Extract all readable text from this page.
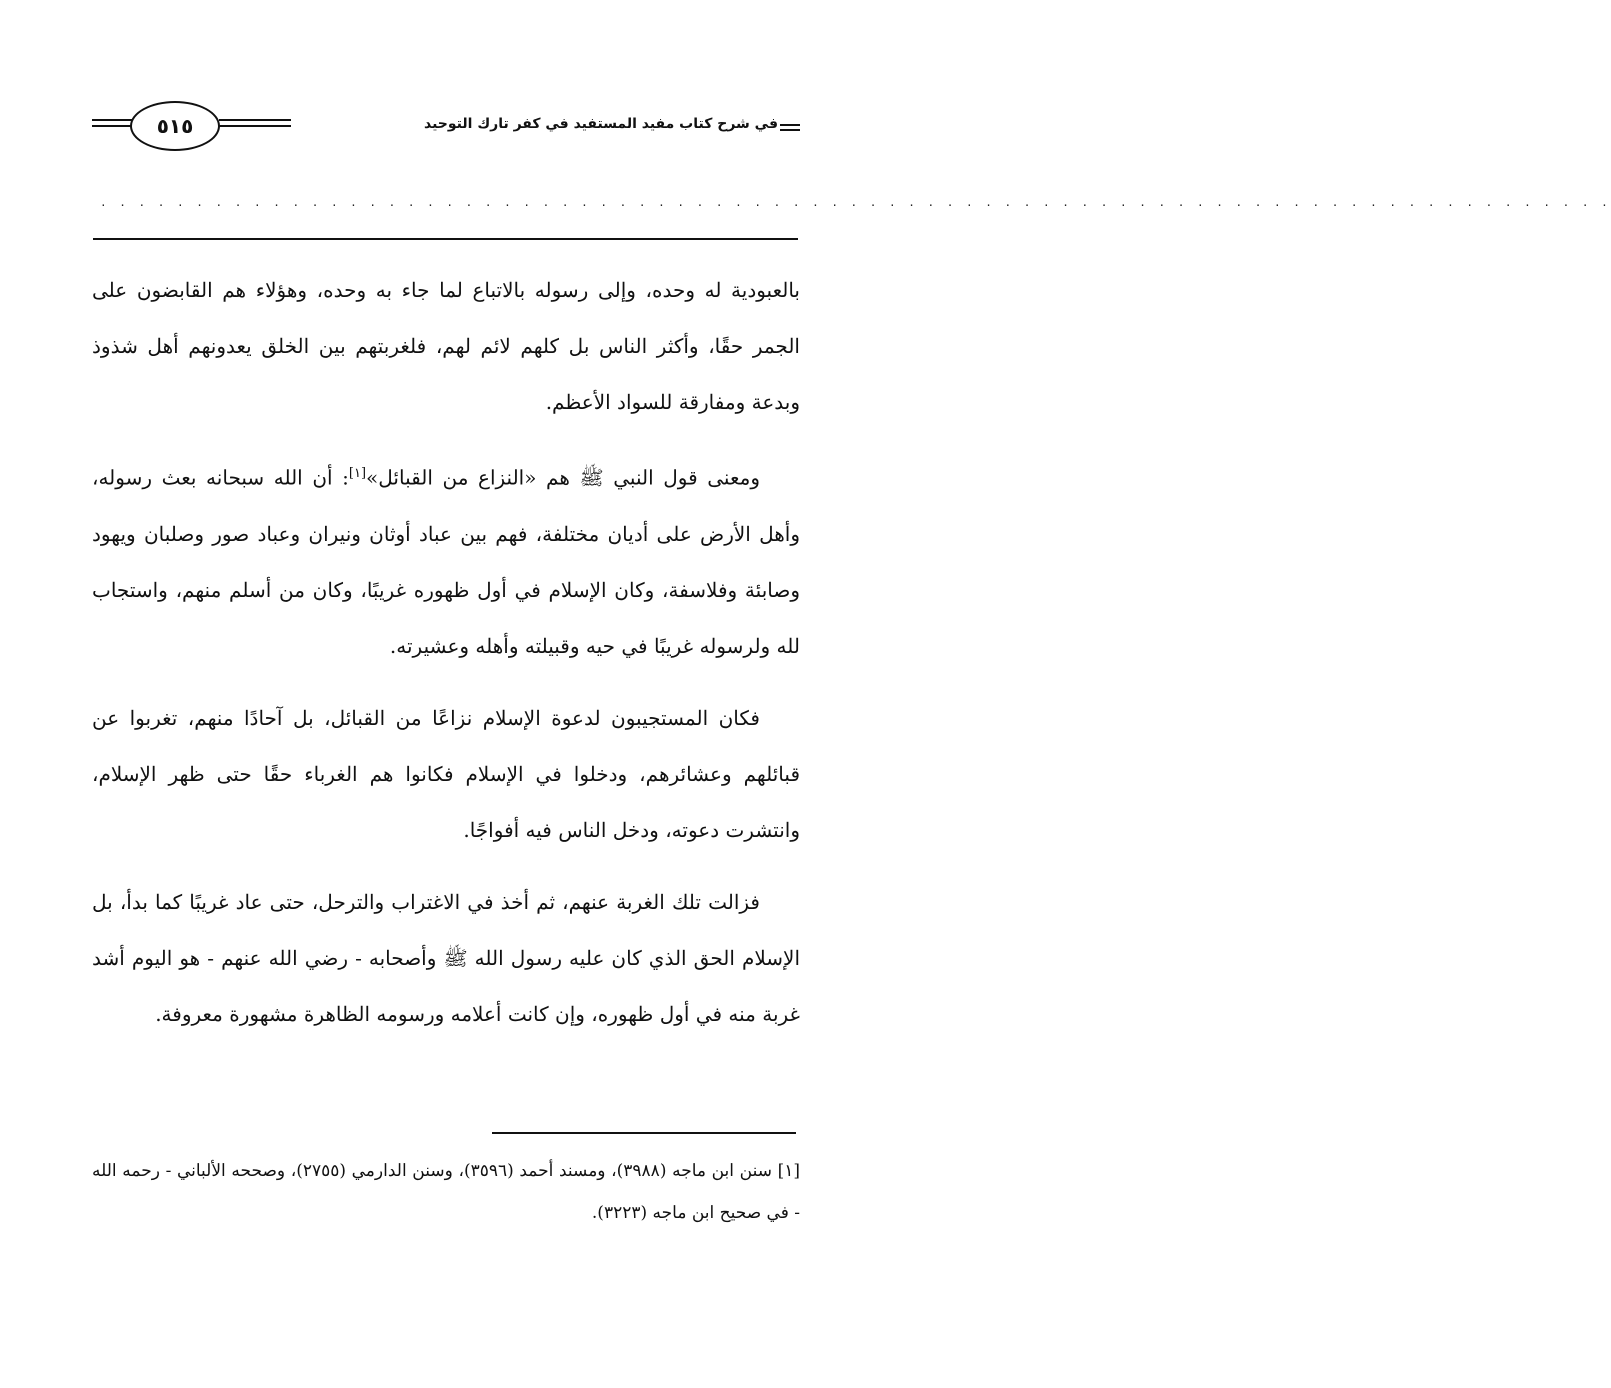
٥١٥	في شرح كتاب مفيد المستفيد في كفر تارك التوحيد
. . . . . . . . . . . . . . . . . . . . . . . . . . . . . . . . . . . . . . . . . . . . . . . . . . . . . . . . . . . . . . . . . . . . . . . . . . . . . . .

بالعبودية له وحده، وإلى رسوله بالاتباع لما جاء به وحده، وهؤلاء هم القابضون على الجمر حقًا، وأكثر الناس بل كلهم لائم لهم، فلغربتهم بين الخلق يعدونهم أهل شذوذ وبدعة ومفارقة للسواد الأعظم.

ومعنى قول النبي ﷺ هم «النزاع من القبائل»[١]: أن الله سبحانه بعث رسوله، وأهل الأرض على أديان مختلفة، فهم بين عباد أوثان ونيران وعباد صور وصلبان ويهود وصابئة وفلاسفة، وكان الإسلام في أول ظهوره غريبًا، وكان من أسلم منهم، واستجاب لله ولرسوله غريبًا في حيه وقبيلته وأهله وعشيرته.

فكان المستجيبون لدعوة الإسلام نزاعًا من القبائل، بل آحادًا منهم، تغربوا عن قبائلهم وعشائرهم، ودخلوا في الإسلام فكانوا هم الغرباء حقًا حتى ظهر الإسلام، وانتشرت دعوته، ودخل الناس فيه أفواجًا.

فزالت تلك الغربة عنهم، ثم أخذ في الاغتراب والترحل، حتى عاد غريبًا كما بدأ، بل الإسلام الحق الذي كان عليه رسول الله ﷺ وأصحابه - رضي الله عنهم - هو اليوم أشد غربة منه في أول ظهوره، وإن كانت أعلامه ورسومه الظاهرة مشهورة معروفة.

[١] سنن ابن ماجه (٣٩٨٨)، ومسند أحمد (٣٥٩٦)، وسنن الدارمي (٢٧٥٥)، وصححه الألباني - رحمه الله - في صحيح ابن ماجه (٣٢٢٣).
